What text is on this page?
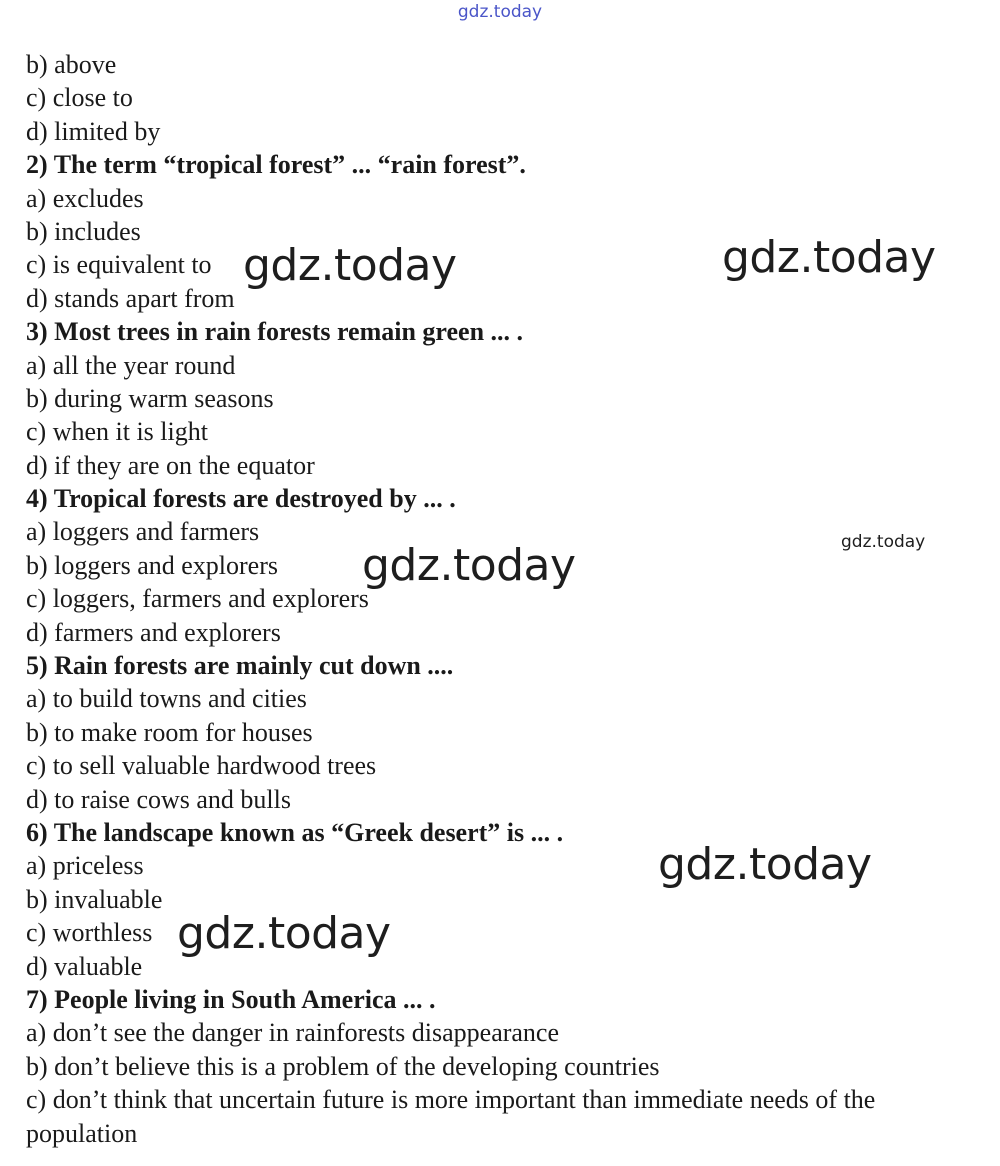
gdz.today
b) above
c) close to
d) limited by
2) The term “tropical forest” ... “rain forest”.
a) excludes
b) includes
c) is equivalent to
d) stands apart from
3) Most trees in rain forests remain green ... .
a) all the year round
b) during warm seasons
c) when it is light
d) if they are on the equator
4) Tropical forests are destroyed by ... .
a) loggers and farmers
b) loggers and explorers
c) loggers, farmers and explorers
d) farmers and explorers
5) Rain forests are mainly cut down ....
a) to build towns and cities
b) to make room for houses
c) to sell valuable hardwood trees
d) to raise cows and bulls
6) The landscape known as “Greek desert” is ... .
a) priceless
b) invaluable
c) worthless
d) valuable
7) People living in South America ... .
a) don’t see the danger in rainforests disappearance
b) don’t believe this is a problem of the developing countries
c) don’t think that uncertain future is more important than immediate needs of the population
gdz.today	gdz.today
gdz.today
gdz.today
gdz.today
gdz.today
